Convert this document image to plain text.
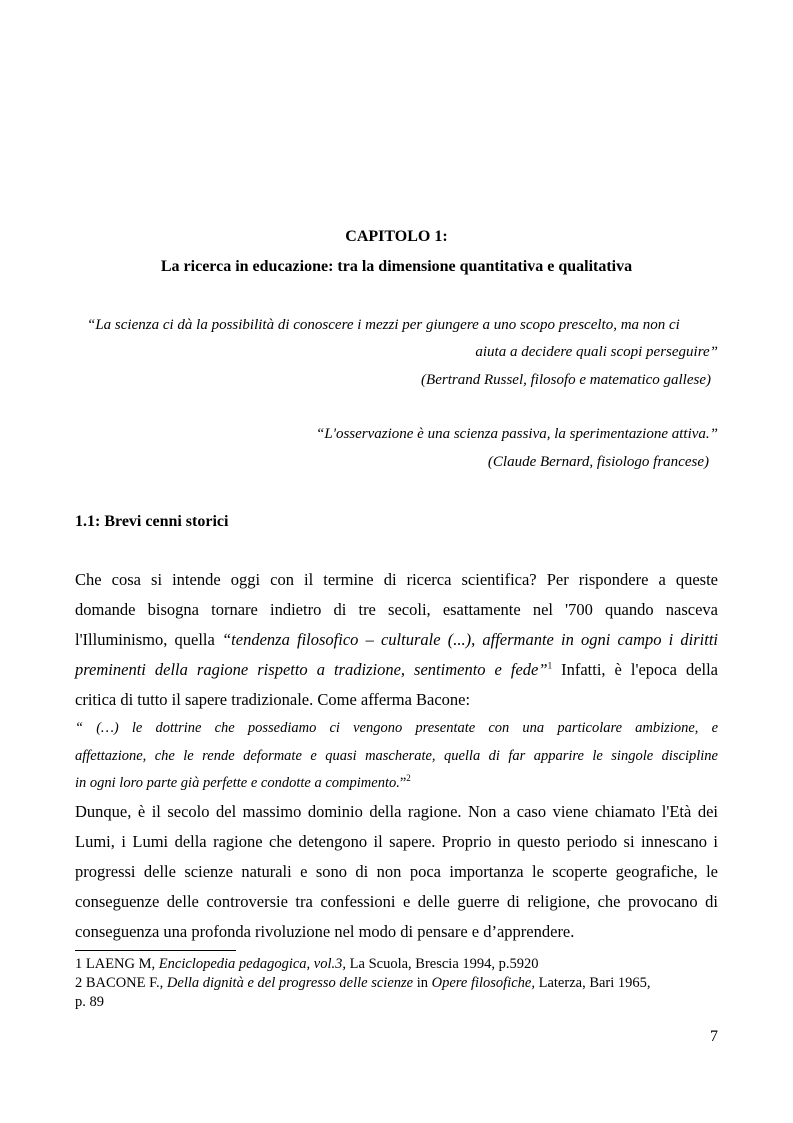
CAPITOLO 1:
La ricerca in educazione: tra la dimensione quantitativa e qualitativa
“La scienza ci dà la possibilità di conoscere i mezzi per giungere a uno scopo prescelto, ma non ci
aiuta a decidere quali scopi perseguire”
(Bertrand Russel, filosofo e matematico gallese)
“L'osservazione è una scienza passiva, la sperimentazione attiva.”
(Claude Bernard, fisiologo francese)
1.1: Brevi cenni storici
Che cosa si intende oggi con il termine di ricerca scientifica? Per rispondere a queste
domande bisogna tornare indietro di tre secoli, esattamente nel '700 quando nasceva
l'Illuminismo, quella “tendenza filosofico – culturale (...), affermante in ogni campo i diritti
preminenti della ragione rispetto a tradizione, sentimento e fede”$^1$ Infatti, è l'epoca della
critica di tutto il sapere tradizionale. Come afferma Bacone:
“ (…) le dottrine che possediamo ci vengono presentate con una particolare ambizione, e
affettazione, che le rende deformate e quasi mascherate, quella di far apparire le singole discipline
in ogni loro parte già perfette e condotte a compimento.”$^2$
Dunque, è il secolo del massimo dominio della ragione. Non a caso viene chiamato l'Età dei
Lumi, i Lumi della ragione che detengono il sapere. Proprio in questo periodo si innescano i
progressi delle scienze naturali e sono di non poca importanza le scoperte geografiche, le
conseguenze delle controversie tra confessioni e delle guerre di religione, che provocano di
conseguenza una profonda rivoluzione nel modo di pensare e d’apprendere.
1 LAENG M, Enciclopedia pedagogica, vol.3, La Scuola, Brescia 1994, p.5920
2 BACONE F., Della dignità e del progresso delle scienze in Opere filosofiche, Laterza, Bari 1965,
p. 89
7
